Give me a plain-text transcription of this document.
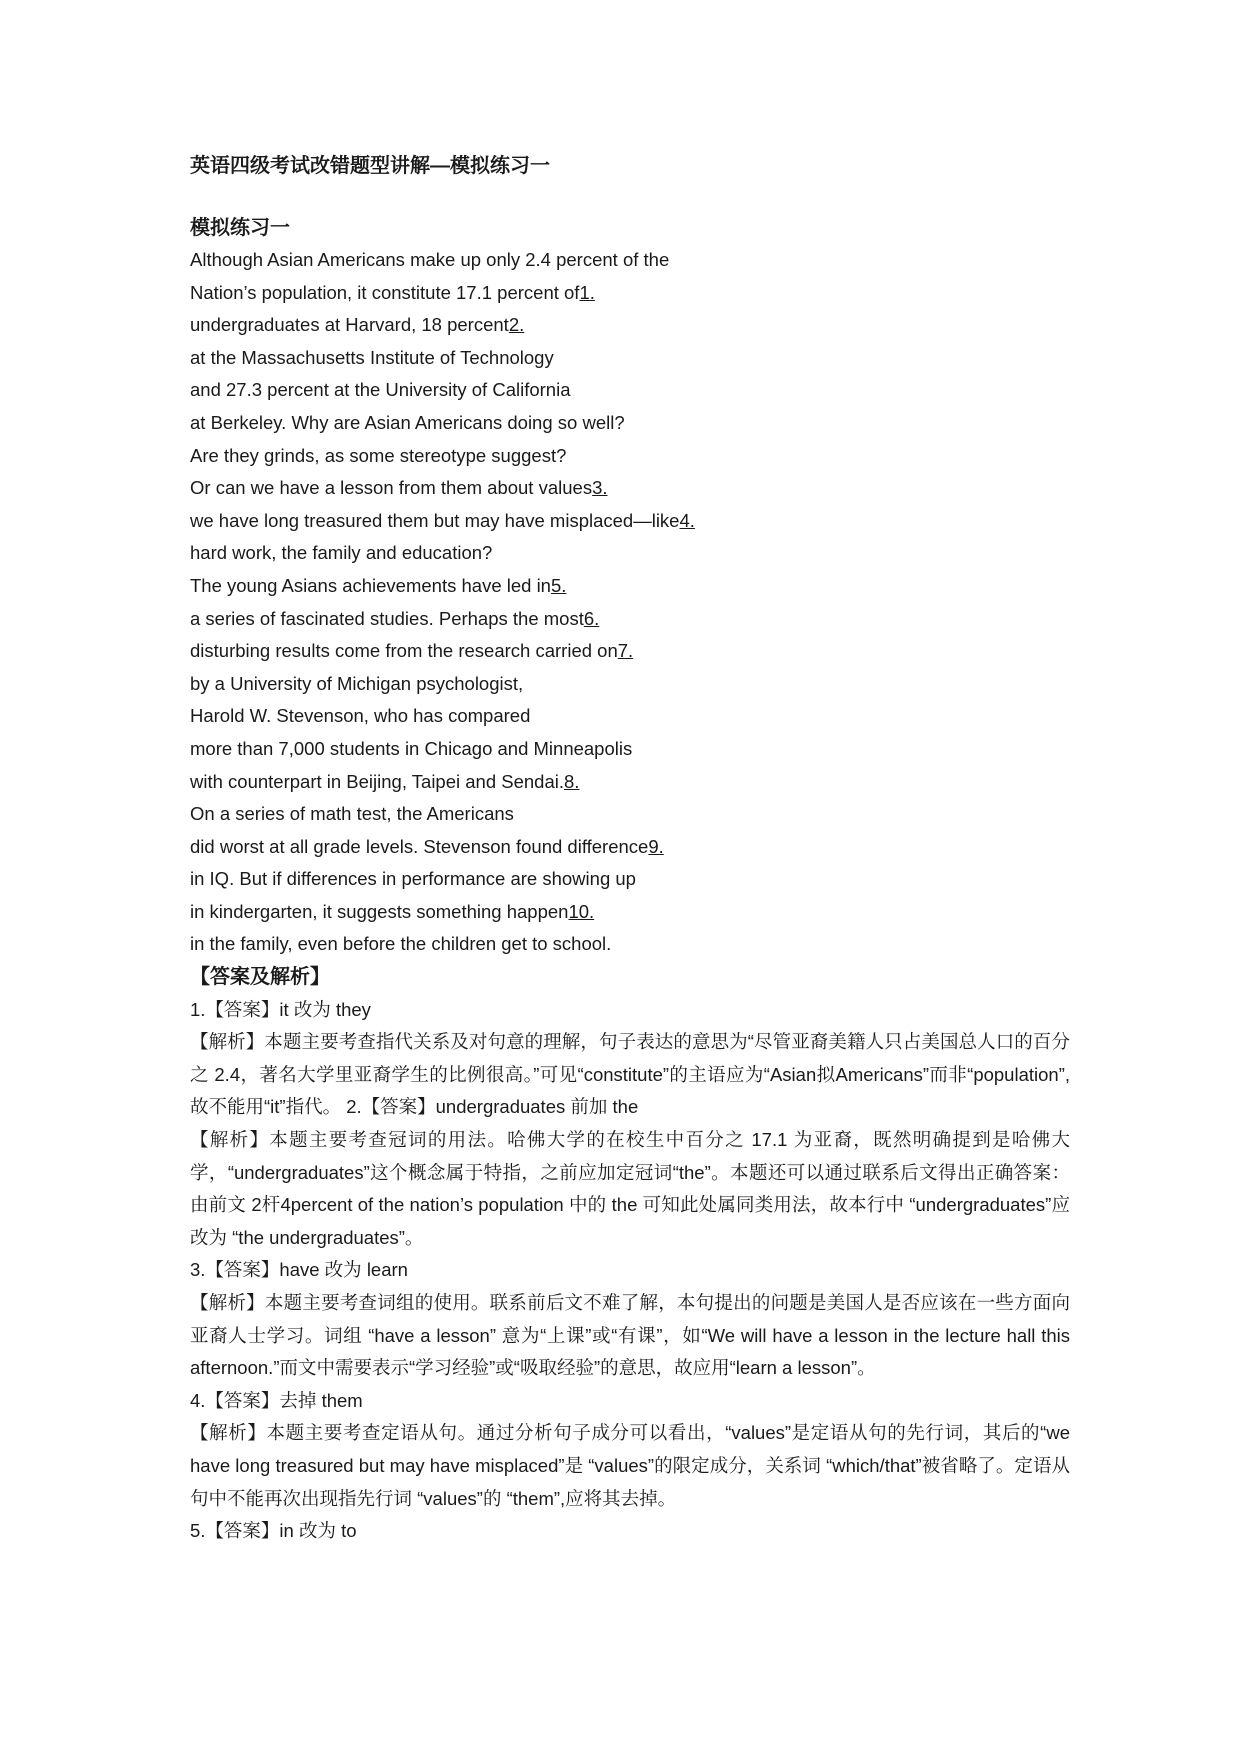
英语四级考试改错题型讲解—模拟练习一
模拟练习一
Although Asian Americans make up only 2.4 percent of the
Nation’s population, it constitute 17.1 percent of1.
undergraduates at Harvard, 18 percent2.
at the Massachusetts Institute of Technology
and 27.3 percent at the University of California
at Berkeley. Why are Asian Americans doing so well?
Are they grinds, as some stereotype suggest?
Or can we have a lesson from them about values3.
we have long treasured them but may have misplaced—like4.
hard work, the family and education?
The young Asians achievements have led in5.
a series of fascinated studies. Perhaps the most6.
disturbing results come from the research carried on7.
by a University of Michigan psychologist,
Harold W. Stevenson, who has compared
more than 7,000 students in Chicago and Minneapolis
with counterpart in Beijing, Taipei and Sendai.8.
On a series of math test, the Americans
did worst at all grade levels. Stevenson found difference9.
in IQ. But if differences in performance are showing up
in kindergarten, it suggests something happen10.
in the family, even before the children get to school.
【答案及解析】
1.【答案】it 改为 they
【解析】本题主要考查指代关系及对句意的理解，句子表达的意思为“尽管亚裔美籍人只占美国总人口的百分之 2.4，著名大学里亚裔学生的比例很高。”可见“constitute”的主语应为“Asian拟Americans”而非“population”,故不能用“it”指代。 2.【答案】undergraduates 前加 the
【解析】本题主要考查冠词的用法。哈佛大学的在校生中百分之 17.1 为亚裔，既然明确提到是哈佛大学，“undergraduates”这个概念属于特指，之前应加定冠词“the”。本题还可以通过联系后文得出正确答案：由前文 2杆4percent of the nation’s population 中的 the 可知此处属同类用法，故本行中 “undergraduates”应改为 “the undergraduates”。
3.【答案】have 改为 learn
【解析】本题主要考查词组的使用。联系前后文不难了解，本句提出的问题是美国人是否应该在一些方面向亚裔人士学习。词组 “have a lesson” 意为“上课”或“有课”，如“We will have a lesson in the lecture hall this afternoon.”而文中需要表示“学习经验”或“吸取经验”的意思，故应用“learn a lesson”。
4.【答案】去掉 them
【解析】本题主要考查定语从句。通过分析句子成分可以看出，“values”是定语从句的先行词，其后的“we have long treasured but may have misplaced”是 “values”的限定成分，关系词 “which/that”被省略了。定语从句中不能再次出现指先行词 “values”的 “them”,应将其去掉。
5.【答案】in 改为 to
